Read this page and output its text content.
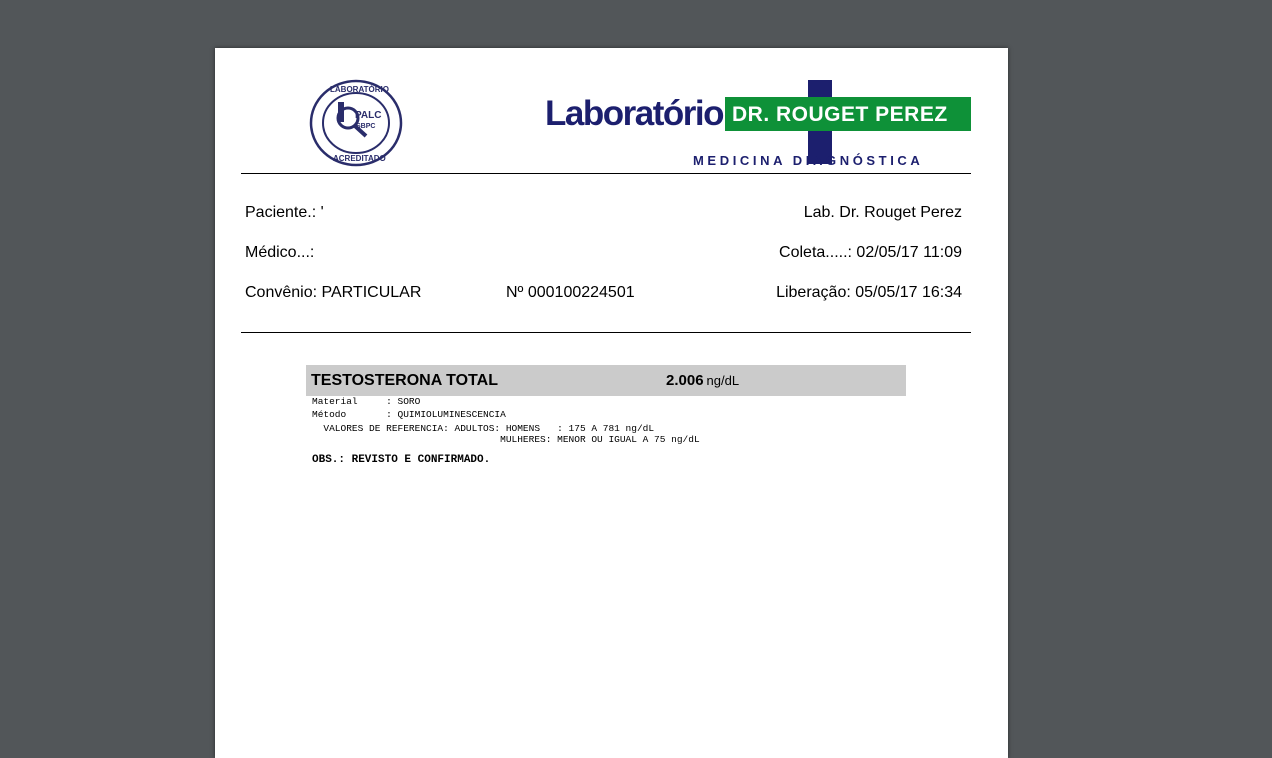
PALC
SBPC
LABORATÓRIO
ACREDITADO
Laboratório DR. ROUGET PEREZ
MEDICINA DIAGNÓSTICA
Paciente.: '	Lab. Dr. Rouget Perez
Médico...:	Coleta.....: 02/05/17 11:09
Convênio: PARTICULAR	Nº 000100224501	Liberação: 05/05/17 16:34
TESTOSTERONA TOTAL	2.006 ng/dL
Material     : SORO
Método       : QUIMIOLUMINESCENCIA
VALORES DE REFERENCIA: ADULTOS: HOMENS   : 175 A 781 ng/dL
MULHERES: MENOR OU IGUAL A 75 ng/dL
OBS.: REVISTO E CONFIRMADO.
